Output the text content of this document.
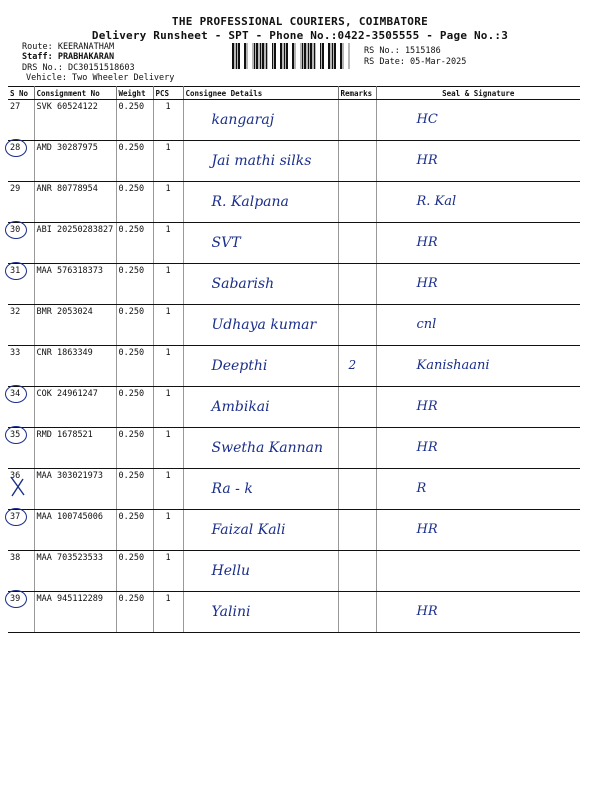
THE PROFESSIONAL COURIERS, COIMBATORE
Delivery Runsheet - SPT - Phone No.:0422-3505555 - Page No.:3
Route: KEERANATHAM
Staff: PRABHAKARAN
DRS No.: DC30151518603
Vehicle: Two Wheeler Delivery
RS No.: 1515186
RS Date: 05-Mar-2025
S No	Consignment No	Weight	PCS	Consignee Details	Remarks	Seal & Signature
27	SVK 60524122	0.250	1	kangaraj		HC

28	AMD 30287975	0.250	1	Jai mathi silks		HR

29	ANR 80778954	0.250	1	R. Kalpana		R. Kal

30	ABI 20250283827	0.250	1	SVT		HR

31	MAA 576318373	0.250	1	Sabarish		HR

32	BMR 2053024	0.250	1	Udhaya kumar		cnl

33	CNR 1863349	0.250	1	Deepthi	2	Kanishaani

34	COK 24961247	0.250	1	Ambikai		HR

35	RMD 1678521	0.250	1	Swetha Kannan		HR

36	MAA 303021973	0.250	1	Ra - k		R

37	MAA 100745006	0.250	1	Faizal Kali		HR

38	MAA 703523533	0.250	1	Hellu		

39	MAA 945112289	0.250	1	Yalini		HR
